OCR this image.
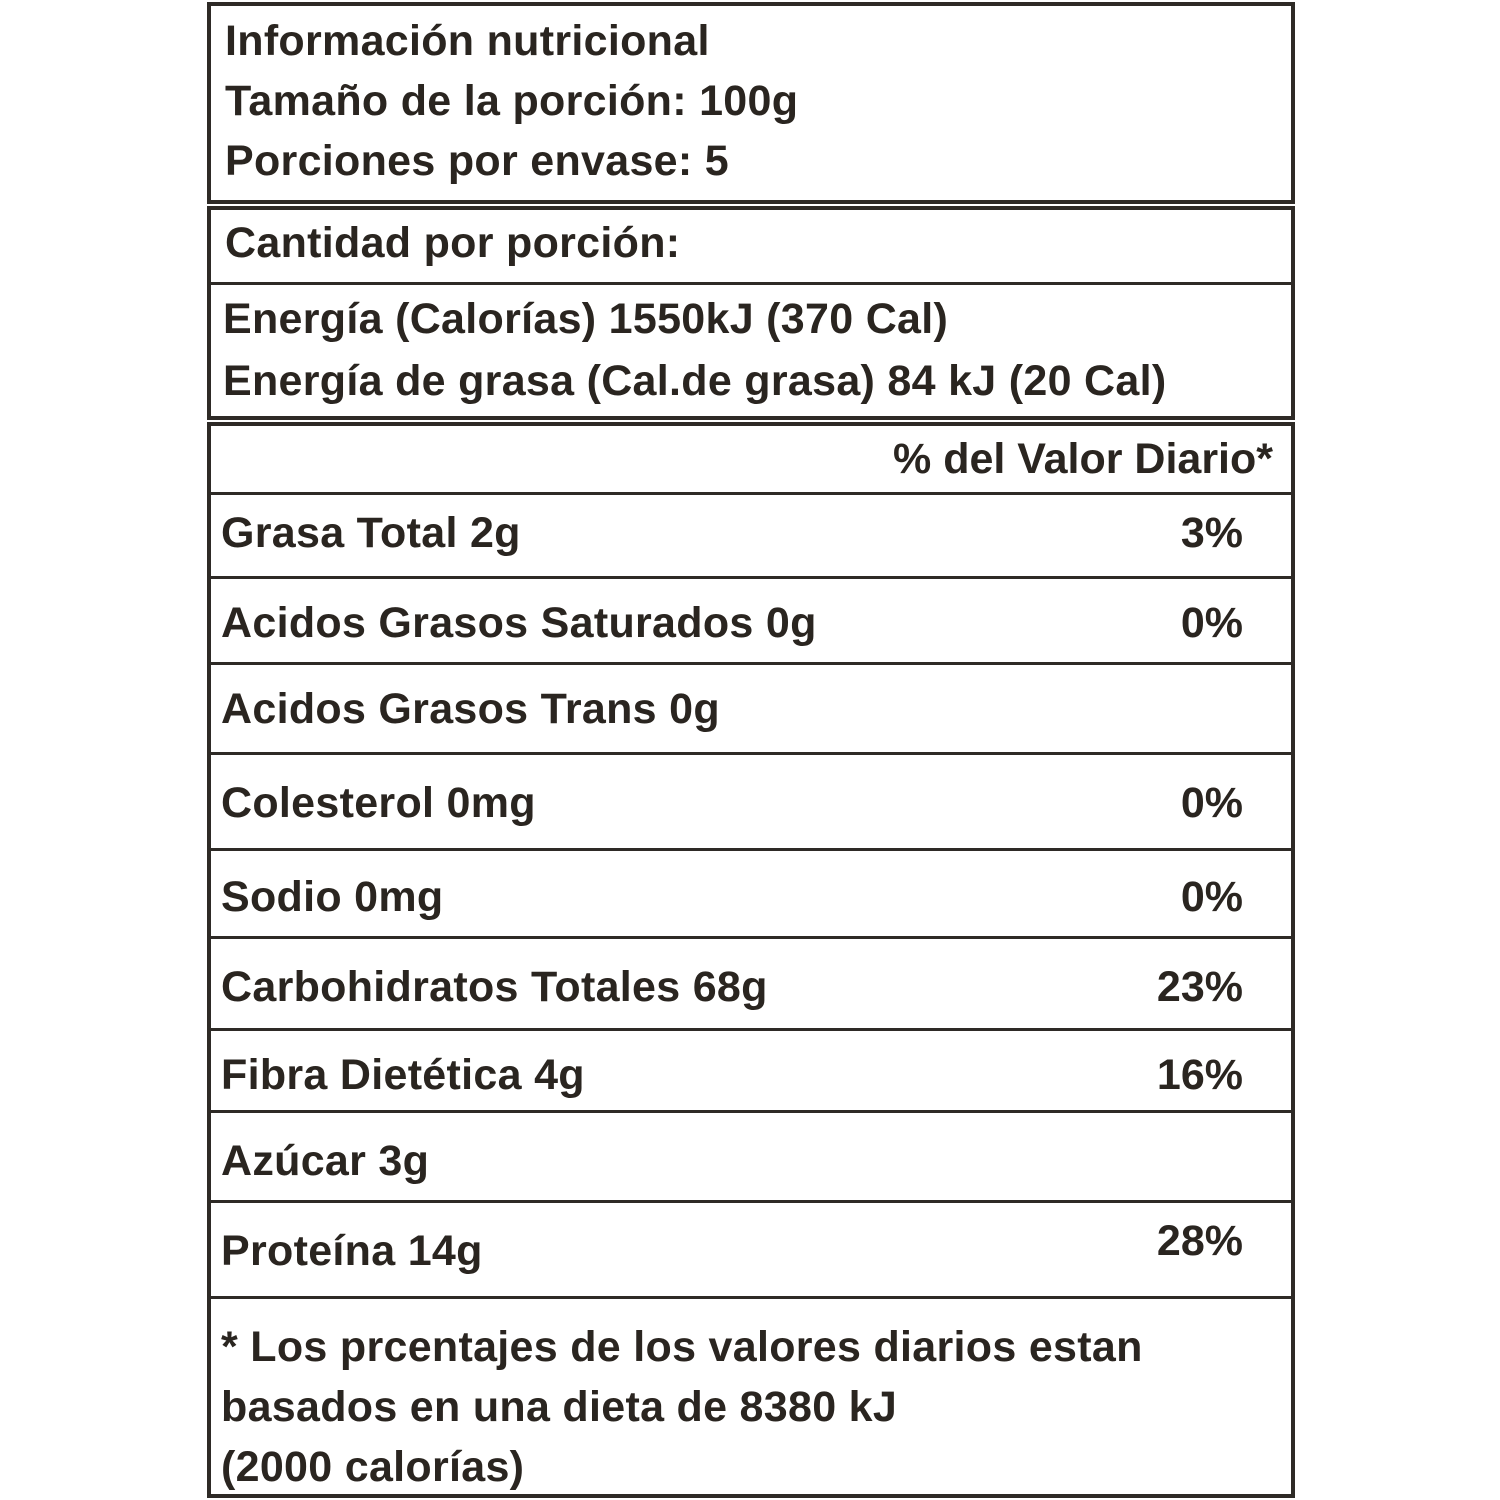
Información nutricional
Tamaño de la porción: 100g
Porciones por envase: 5
Cantidad por porción:
Energía (Calorías) 1550kJ (370 Cal)
Energía de grasa (Cal.de grasa) 84 kJ (20 Cal)
% del Valor Diario*
Grasa Total 2g	3%
Acidos Grasos Saturados 0g	0%
Acidos Grasos Trans 0g
Colesterol 0mg	0%
Sodio 0mg	0%
Carbohidratos Totales 68g	23%
Fibra Dietética 4g	16%
Azúcar 3g
Proteína 14g	28%
* Los prcentajes de los valores diarios estan
basados en una dieta de 8380 kJ
(2000 calorías)
